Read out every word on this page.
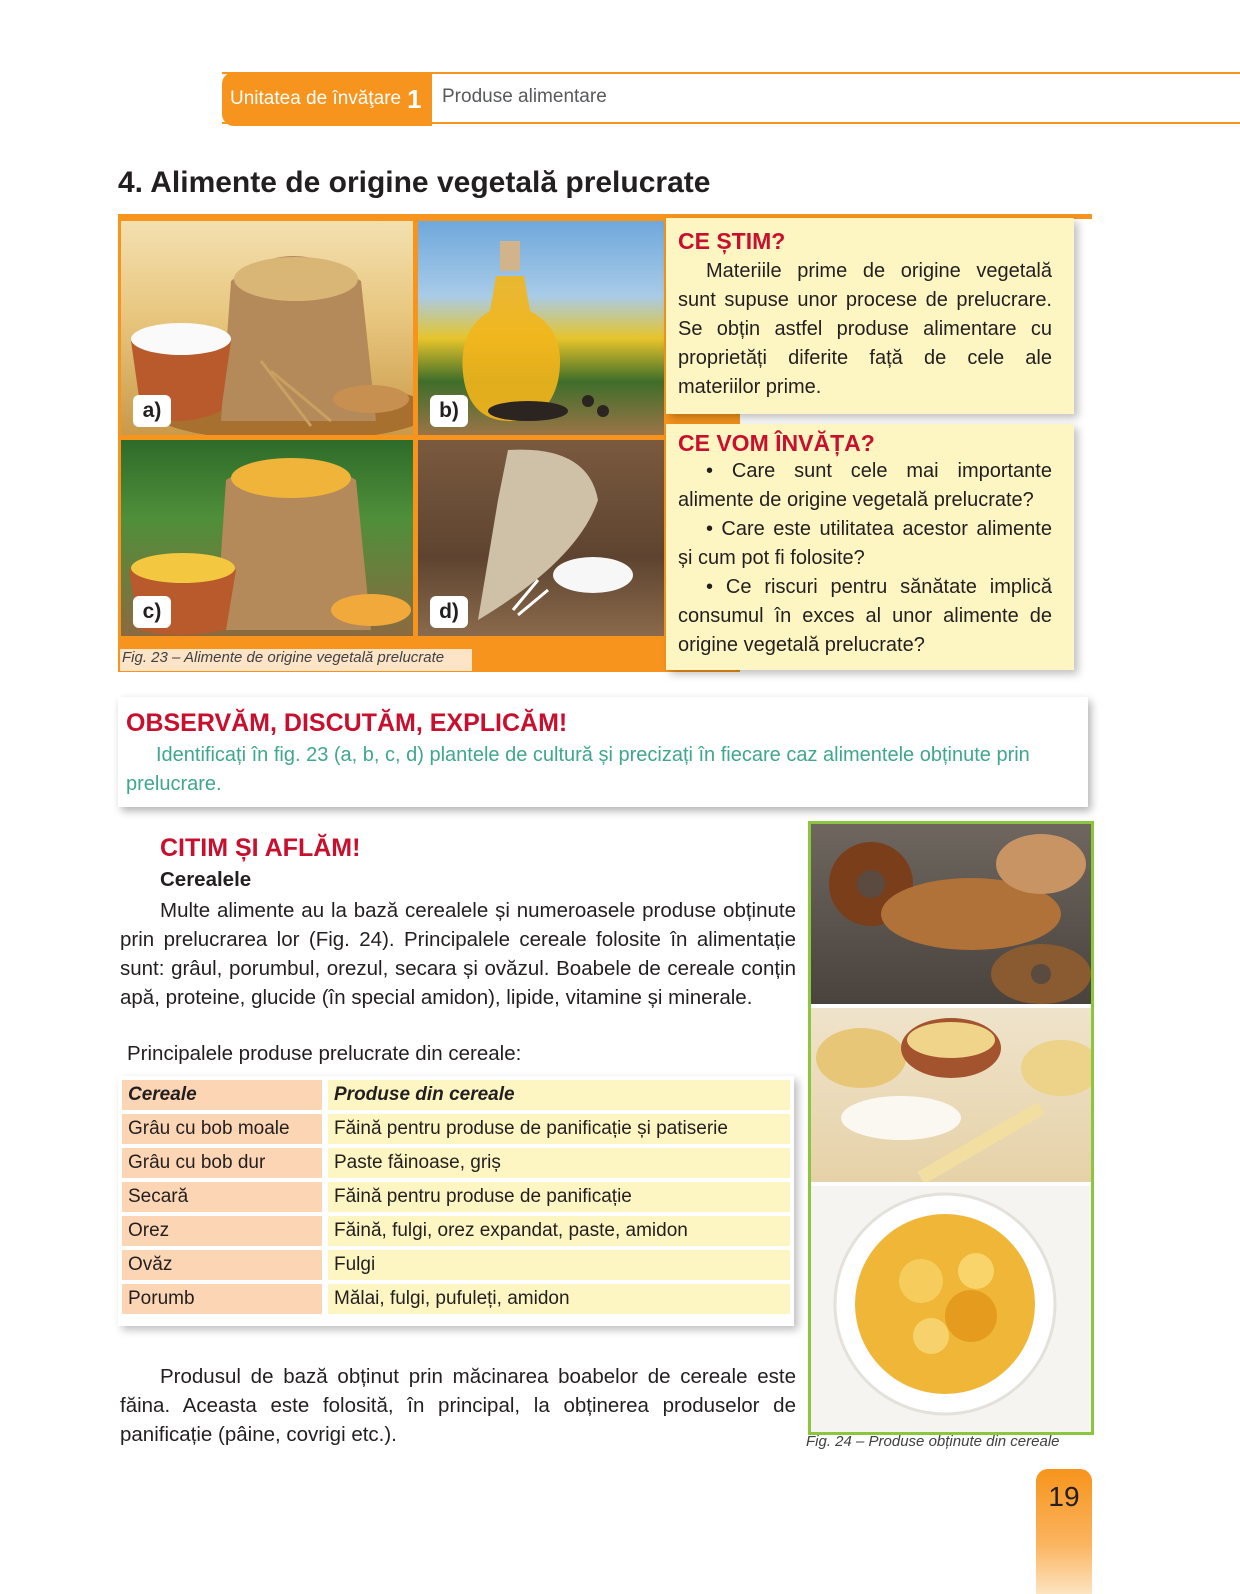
Unitatea de învăţare 1 Produse alimentare
4. Alimente de origine vegetală prelucrate
a)	b)
c)	d)
Fig. 23 – Alimente de origine vegetală prelucrate
CE ȘTIM?
Materiile prime de origine vegetală sunt supuse unor procese de prelucrare. Se obțin astfel produse alimentare cu proprietăți diferite față de cele ale materiilor prime.
CE VOM ÎNVĂȚA?
• Care sunt cele mai importante alimente de origine vegetală prelucrate?
• Care este utilitatea acestor alimente și cum pot fi folosite?
• Ce riscuri pentru sănătate implică consumul în exces al unor alimente de origine vegetală prelucrate?
OBSERVĂM, DISCUTĂM, EXPLICĂM!
Identificați în fig. 23 (a, b, c, d) plantele de cultură și precizați în fiecare caz alimentele obținute prin prelucrare.
CITIM ȘI AFLĂM!
Cerealele
Multe alimente au la bază cerealele și numeroasele produse obținute prin prelucrarea lor (Fig. 24). Principalele cereale folosite în alimentație sunt: grâul, porumbul, orezul, secara și ovăzul. Boabele de cereale conțin apă, proteine, glucide (în special amidon), lipide, vitamine și minerale.
Principalele produse prelucrate din cereale:
Cereale	Produse din cereale
Grâu cu bob moale	Făină pentru produse de panificație și patiserie
Grâu cu bob dur	Paste făinoase, griș
Secară	Făină pentru produse de panificație
Orez	Făină, fulgi, orez expandat, paste, amidon
Ovăz	Fulgi
Porumb	Mălai, fulgi, pufuleți, amidon
Produsul de bază obținut prin măcinarea boabelor de cereale este făina. Aceasta este folosită, în principal, la obținerea produselor de panificație (pâine, covrigi etc.).	Fig. 24 – Produse obținute din cereale
19
